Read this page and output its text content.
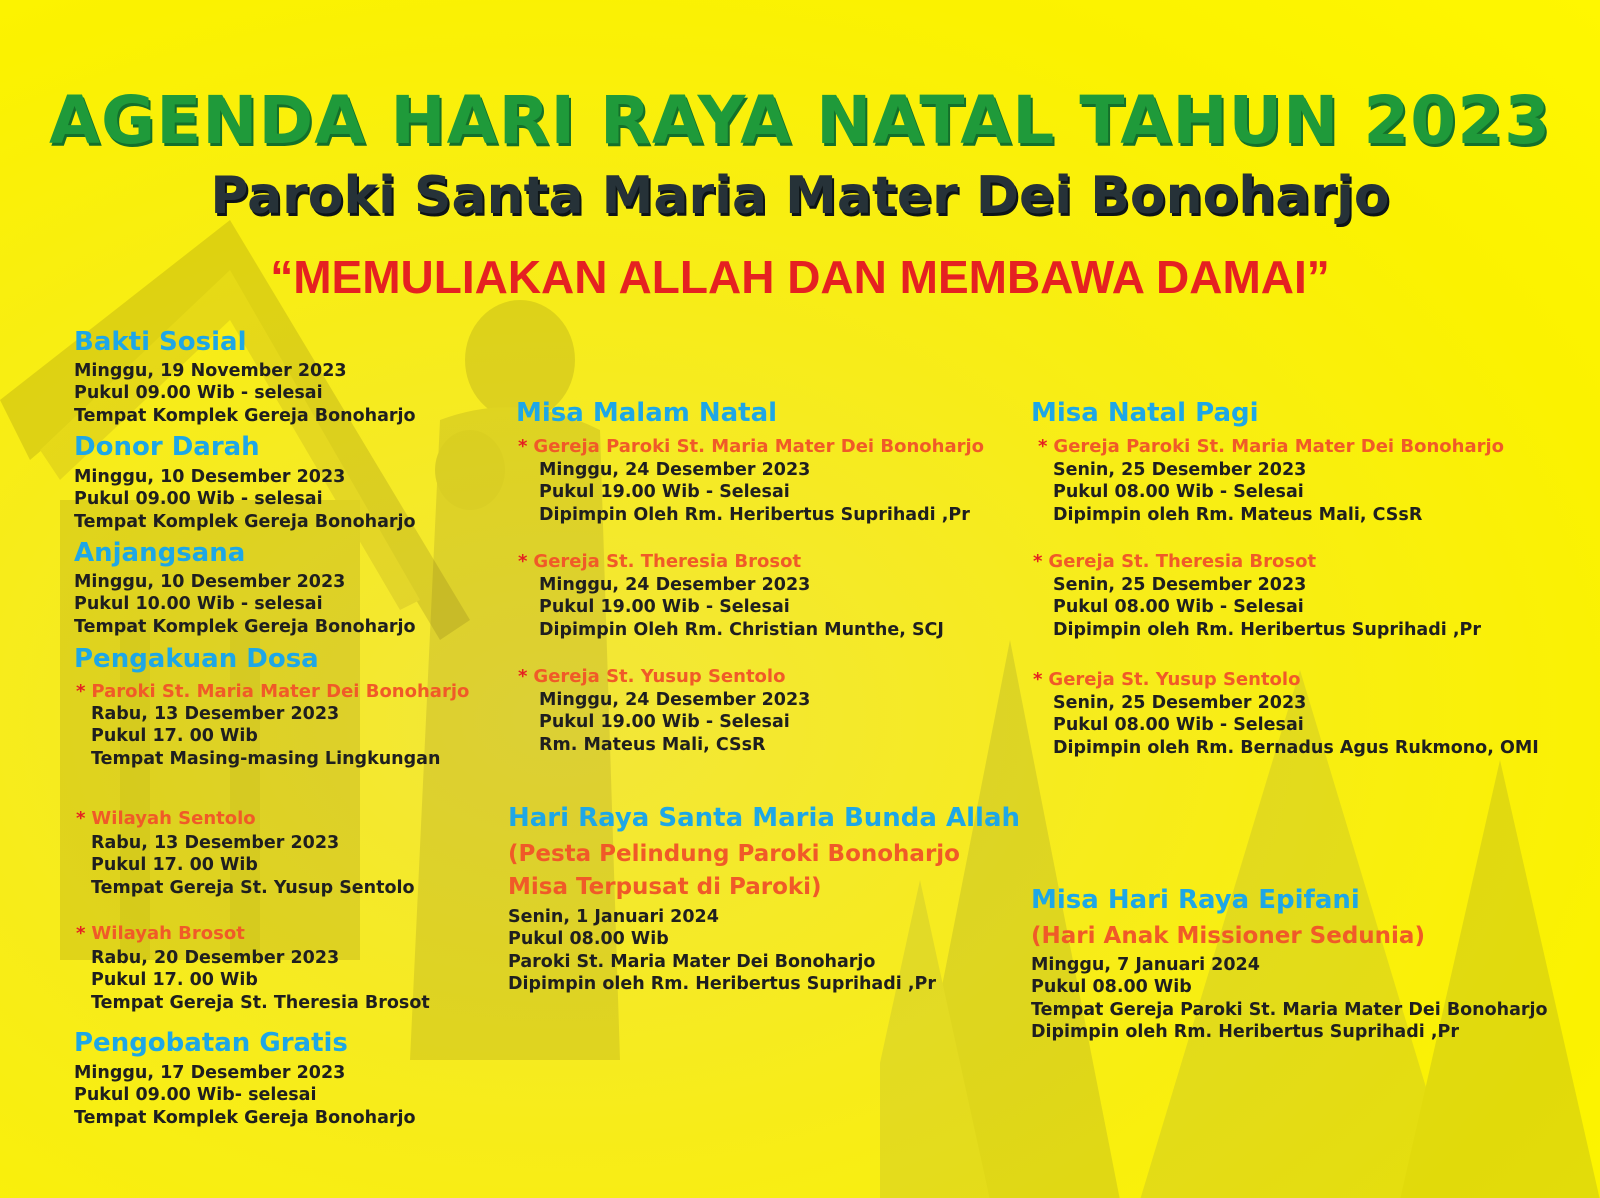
AGENDA HARI RAYA NATAL TAHUN 2023
Paroki Santa Maria Mater Dei Bonoharjo
“MEMULIAKAN ALLAH DAN MEMBAWA DAMAI”
Bakti Sosial
Minggu, 19 November 2023
Pukul 09.00 Wib - selesai
Tempat Komplek Gereja Bonoharjo
Donor Darah
Minggu, 10 Desember 2023
Pukul 09.00 Wib - selesai
Tempat Komplek Gereja Bonoharjo
Anjangsana
Minggu, 10 Desember 2023
Pukul 10.00 Wib - selesai
Tempat Komplek Gereja Bonoharjo
Pengakuan Dosa
* Paroki St. Maria Mater Dei Bonoharjo
Rabu, 13 Desember 2023
Pukul 17. 00 Wib
Tempat Masing-masing Lingkungan
* Wilayah Sentolo
Rabu, 13 Desember 2023
Pukul 17. 00 Wib
Tempat Gereja St. Yusup Sentolo
* Wilayah Brosot
Rabu, 20 Desember 2023
Pukul 17. 00 Wib
Tempat Gereja St. Theresia Brosot
Pengobatan Gratis
Minggu, 17 Desember 2023
Pukul 09.00 Wib- selesai
Tempat Komplek Gereja Bonoharjo
Misa Malam Natal
* Gereja Paroki St. Maria Mater Dei Bonoharjo
Minggu, 24 Desember 2023
Pukul 19.00 Wib - Selesai
Dipimpin Oleh Rm. Heribertus Suprihadi ,Pr
* Gereja St. Theresia Brosot
Minggu, 24 Desember 2023
Pukul 19.00 Wib - Selesai
Dipimpin Oleh Rm. Christian Munthe, SCJ
* Gereja St. Yusup Sentolo
Minggu, 24 Desember 2023
Pukul 19.00 Wib - Selesai
Rm. Mateus Mali, CSsR
Hari Raya Santa Maria Bunda Allah
(Pesta Pelindung Paroki Bonoharjo
Misa Terpusat di Paroki)
Senin, 1 Januari 2024
Pukul 08.00 Wib
Paroki St. Maria Mater Dei Bonoharjo
Dipimpin oleh Rm. Heribertus Suprihadi ,Pr
Misa Natal Pagi
* Gereja Paroki St. Maria Mater Dei Bonoharjo
Senin, 25 Desember 2023
Pukul 08.00 Wib - Selesai
Dipimpin oleh Rm. Mateus Mali, CSsR
* Gereja St. Theresia Brosot
Senin, 25 Desember 2023
Pukul 08.00 Wib - Selesai
Dipimpin oleh Rm. Heribertus Suprihadi ,Pr
* Gereja St. Yusup Sentolo
Senin, 25 Desember 2023
Pukul 08.00 Wib - Selesai
Dipimpin oleh Rm. Bernadus Agus Rukmono, OMI
Misa Hari Raya Epifani
(Hari Anak Missioner Sedunia)
Minggu, 7 Januari 2024
Pukul 08.00 Wib
Tempat Gereja Paroki St. Maria Mater Dei Bonoharjo
Dipimpin oleh Rm. Heribertus Suprihadi ,Pr
